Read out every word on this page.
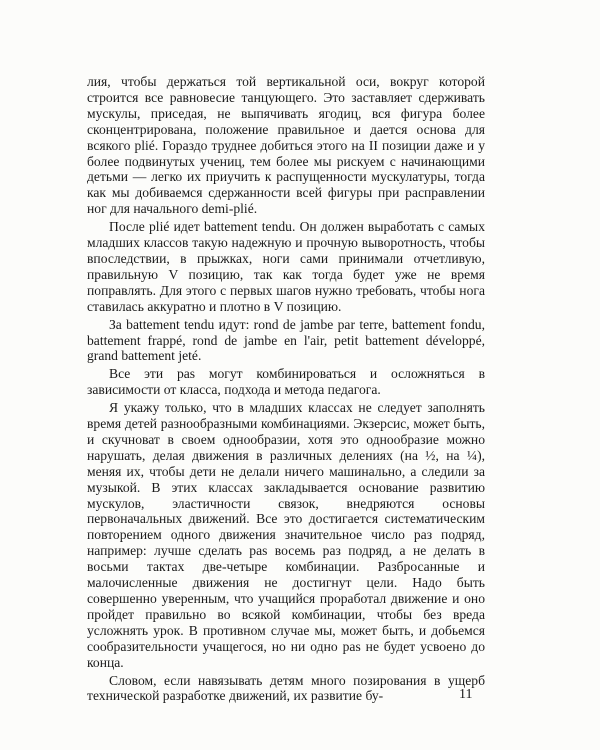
лия, чтобы держаться той вертикальной оси, вокруг которой строится все равновесие танцующего. Это заставляет сдерживать мускулы, приседая, не выпячивать ягодиц, вся фигура более сконцентрирована, положение правильное и дается основа для всякого plié. Гораздо труднее добиться этого на II позиции даже и у более подвинутых учениц, тем более мы рискуем с начинающими детьми — легко их приучить к распущенности мускулатуры, тогда как мы добиваемся сдержанности всей фигуры при расправлении ног для начального demi-plié.

После plié идет battement tendu. Он должен выработать с самых младших классов такую надежную и прочную выворотность, чтобы впоследствии, в прыжках, ноги сами принимали отчетливую, правильную V позицию, так как тогда будет уже не время поправлять. Для этого с первых шагов нужно требовать, чтобы нога ставилась аккуратно и плотно в V позицию.

За battement tendu идут: rond de jambe par terre, battement fondu, battement frappé, rond de jambe en l'air, petit battement développé, grand battement jeté.

Все эти pas могут комбинироваться и осложняться в зависимости от класса, подхода и метода педагога.

Я укажу только, что в младших классах не следует заполнять время детей разнообразными комбинациями. Экзерсис, может быть, и скучноват в своем однообразии, хотя это однообразие можно нарушать, делая движения в различных делениях (на ½, на ¼), меняя их, чтобы дети не делали ничего машинально, а следили за музыкой. В этих классах закладывается основание развитию мускулов, эластичности связок, внедряются основы первоначальных движений. Все это достигается систематическим повторением одного движения значительное число раз подряд, например: лучше сделать pas восемь раз подряд, а не делать в восьми тактах две-четыре комбинации. Разбросанные и малочисленные движения не достигнут цели. Надо быть совершенно уверенным, что учащийся проработал движение и оно пройдет правильно во всякой комбинации, чтобы без вреда усложнять урок. В противном случае мы, может быть, и добьемся сообразительности учащегося, но ни одно pas не будет усвоено до конца.

Словом, если навязывать детям много позирования в ущерб технической разработке движений, их развитие бу-	11
